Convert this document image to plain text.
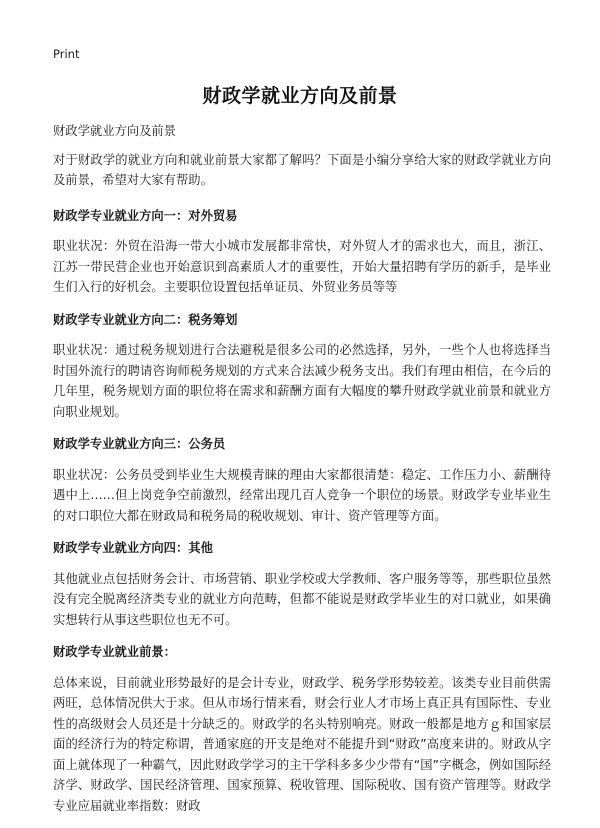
Print
财政学就业方向及前景

财政学就业方向及前景

对于财政学的就业方向和就业前景大家都了解吗？下面是小编分享给大家的财政学就业方向及前景，希望对大家有帮助。

财政学专业就业方向一：对外贸易

职业状况：外贸在沿海一带大小城市发展都非常快，对外贸人才的需求也大，而且，浙江、江苏一带民营企业也开始意识到高素质人才的重要性，开始大量招聘有学历的新手，是毕业生们入行的好机会。主要职位设置包括单证员、外贸业务员等等

财政学专业就业方向二：税务筹划

职业状况：通过税务规划进行合法避税是很多公司的必然选择，另外，一些个人也将选择当时国外流行的聘请咨询师税务规划的方式来合法减少税务支出。我们有理由相信，在今后的几年里，税务规划方面的职位将在需求和薪酬方面有大幅度的攀升财政学就业前景和就业方向职业规划。

财政学专业就业方向三：公务员

职业状况：公务员受到毕业生大规模青睐的理由大家都很清楚：稳定、工作压力小、薪酬待遇中上……但上岗竞争空前激烈，经常出现几百人竞争一个职位的场景。财政学专业毕业生的对口职位大都在财政局和税务局的税收规划、审计、资产管理等方面。

财政学专业就业方向四：其他

其他就业点包括财务会计、市场营销、职业学校或大学教师、客户服务等等，那些职位虽然没有完全脱离经济类专业的就业方向范畴，但都不能说是财政学毕业生的对口就业，如果确实想转行从事这些职位也无不可。

财政学专业就业前景：

总体来说，目前就业形势最好的是会计专业，财政学、税务学形势较差。该类专业目前供需两旺，总体情况供大于求。但从市场行情来看，财会行业人才市场上真正具有国际性、专业性的高级财会人员还是十分缺乏的。财政学的名头特别响亮。财政一般都是地方ｇ和国家层面的经济行为的特定称谓，普通家庭的开支是绝对不能提升到“财政”高度来讲的。财政从字面上就体现了一种霸气，因此财政学学习的主干学科多多少少带有“国”字概念，例如国际经济学、财政学、国民经济管理、国家预算、税收管理、国际税收、国有资产管理等。财政学专业应届就业率指数：财政
